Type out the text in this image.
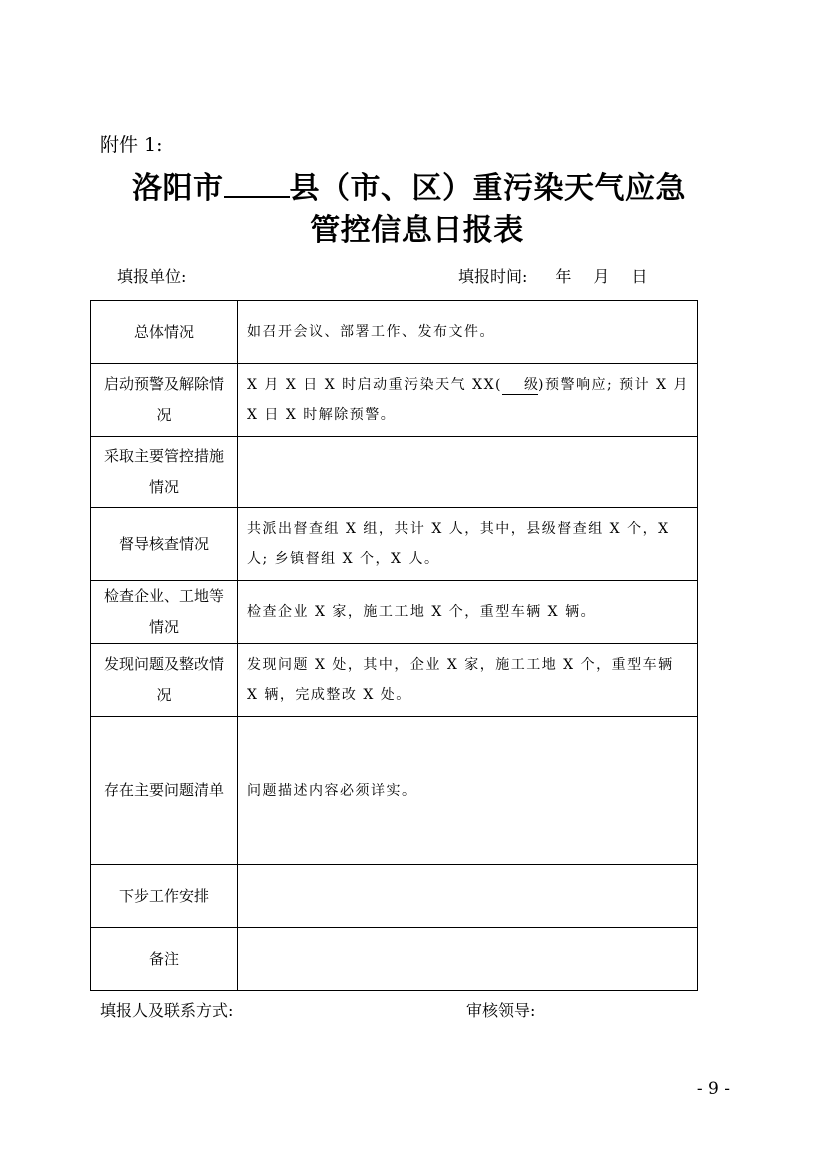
附件 1:
洛阳市 县（市、区）重污染天气应急
管控信息日报表
填报单位:	填报时间: 年 月 日
总体情况	如召开会议、部署工作、发布文件。
启动预警及解除情况	X 月 X 日 X 时启动重污染天气 XX( 级)预警响应; 预计 X 月 X 日 X 时解除预警。
采取主要管控措施情况	
督导核查情况	共派出督查组 X 组，共计 X 人，其中，县级督查组 X 个，X 人; 乡镇督组 X 个，X 人。
检查企业、工地等情况	检查企业 X 家，施工工地 X 个，重型车辆 X 辆。
发现问题及整改情况	发现问题 X 处，其中，企业 X 家，施工工地 X 个，重型车辆 X 辆，完成整改 X 处。
存在主要问题清单	问题描述内容必须详实。
下步工作安排	
备注	
填报人及联系方式:	审核领导:
- 9 -
